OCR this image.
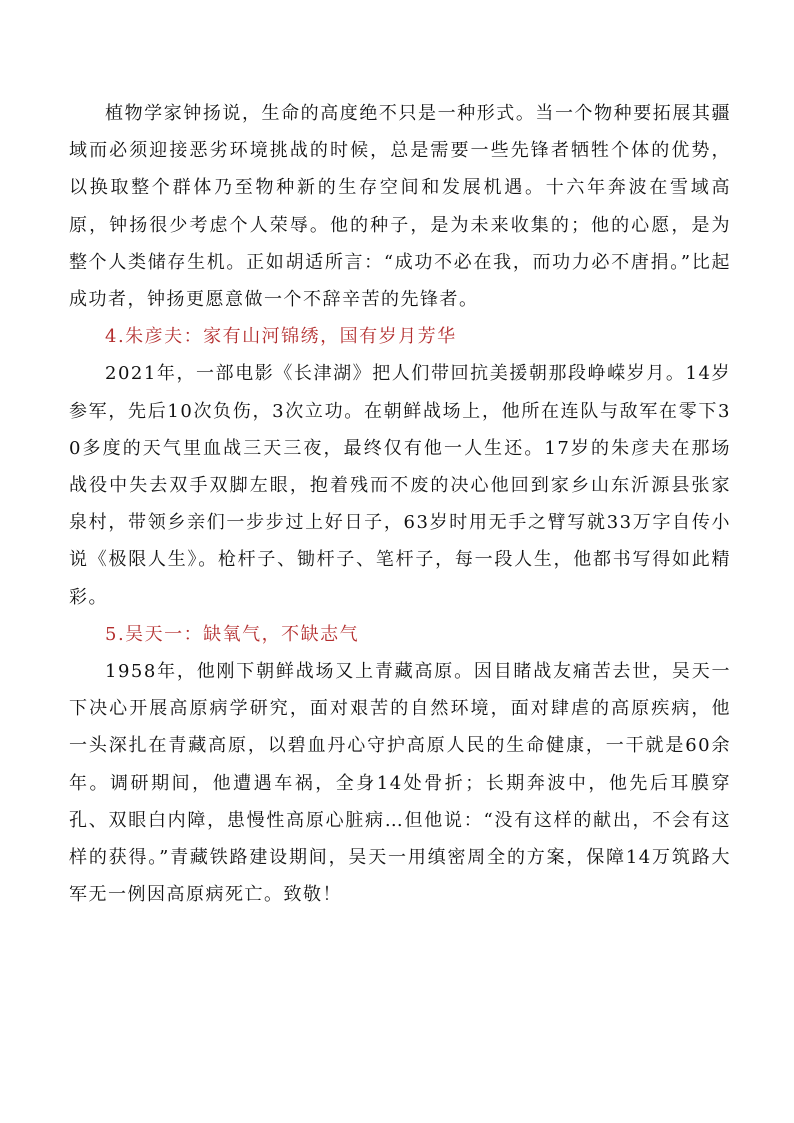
植物学家钟扬说，生命的高度绝不只是一种形式。当一个物种要拓展其疆域而必须迎接恶劣环境挑战的时候，总是需要一些先锋者牺牲个体的优势，以换取整个群体乃至物种新的生存空间和发展机遇。十六年奔波在雪域高原，钟扬很少考虑个人荣辱。他的种子，是为未来收集的；他的心愿，是为整个人类储存生机。正如胡适所言：“成功不必在我，而功力必不唐捐。”比起成功者，钟扬更愿意做一个不辞辛苦的先锋者。

4.朱彦夫：家有山河锦绣，国有岁月芳华

2021年，一部电影《长津湖》把人们带回抗美援朝那段峥嵘岁月。14岁参军，先后10次负伤，3次立功。在朝鲜战场上，他所在连队与敌军在零下30多度的天气里血战三天三夜，最终仅有他一人生还。17岁的朱彦夫在那场战役中失去双手双脚左眼，抱着残而不废的决心他回到家乡山东沂源县张家泉村，带领乡亲们一步步过上好日子，63岁时用无手之臂写就33万字自传小说《极限人生》。枪杆子、锄杆子、笔杆子，每一段人生，他都书写得如此精彩。

5.吴天一：缺氧气，不缺志气

1958年，他刚下朝鲜战场又上青藏高原。因目睹战友痛苦去世，吴天一下决心开展高原病学研究，面对艰苦的自然环境，面对肆虐的高原疾病，他一头深扎在青藏高原，以碧血丹心守护高原人民的生命健康，一干就是60余年。调研期间，他遭遇车祸，全身14处骨折；长期奔波中，他先后耳膜穿孔、双眼白内障，患慢性高原心脏病…但他说：“没有这样的献出，不会有这样的获得。”青藏铁路建设期间，吴天一用缜密周全的方案，保障14万筑路大军无一例因高原病死亡。致敬！
